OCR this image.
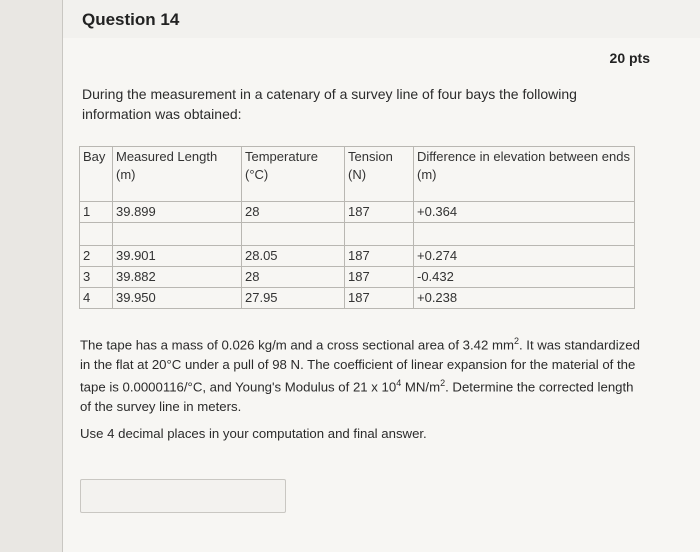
Question 14
20 pts
During the measurement in a catenary of a survey line of four bays the following information was obtained:
Bay	Measured Length (m)	Temperature (°C)	Tension (N)	Difference in elevation between ends (m)
1	39.899	28	187	+0.364

2	39.901	28.05	187	+0.274
3	39.882	28	187	-0.432
4	39.950	27.95	187	+0.238

The tape has a mass of 0.026 kg/m and a cross sectional area of 3.42 $mm^2$. It was standardized in the flat at 20°C under a pull of 98 N. The coefficient of linear expansion for the material of the tape is 0.0000116/°C, and Young's Modulus of 21 x $10^4$ $MN/m^2$. Determine the corrected length of the survey line in meters.

Use 4 decimal places in your computation and final answer.
